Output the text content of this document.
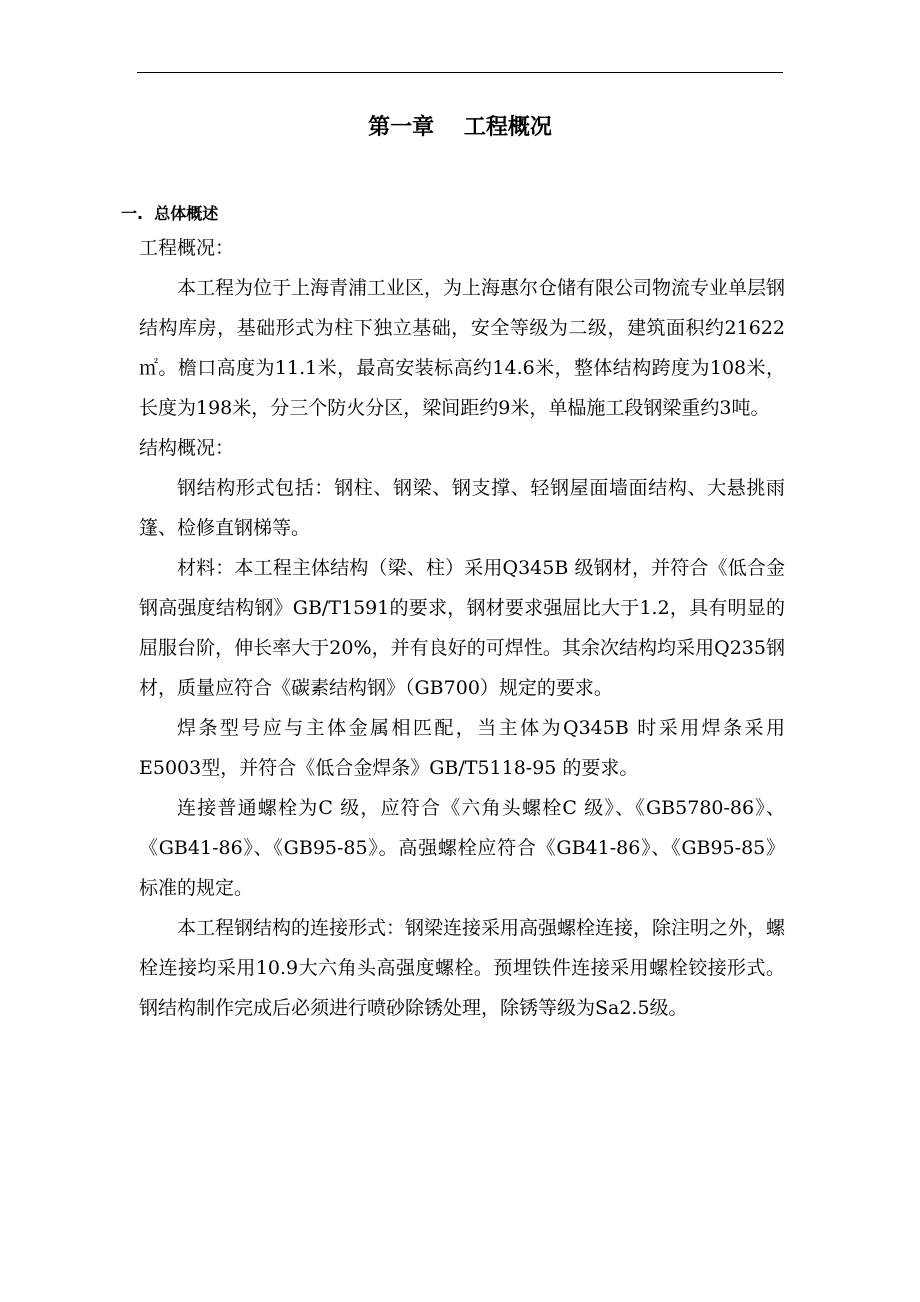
第一章　 工程概况
一.  总体概述

工程概况：

本工程为位于上海青浦工业区，为上海惠尔仓储有限公司物流专业单层钢结构库房，基础形式为柱下独立基础，安全等级为二级，建筑面积约21622㎡。檐口高度为11.1米，最高安装标高约14.6米，整体结构跨度为108米，长度为198米，分三个防火分区，梁间距约9米，单榀施工段钢梁重约3吨。

结构概况：

钢结构形式包括：钢柱、钢梁、钢支撑、轻钢屋面墙面结构、大悬挑雨篷、检修直钢梯等。

材料：本工程主体结构（梁、柱）采用Q345B 级钢材，并符合《低合金钢高强度结构钢》GB/T1591的要求，钢材要求强屈比大于1.2，具有明显的屈服台阶，伸长率大于20%，并有良好的可焊性。其余次结构均采用Q235钢材，质量应符合《碳素结构钢》（GB700）规定的要求。

焊条型号应与主体金属相匹配，当主体为Q345B 时采用焊条采用E5003型，并符合《低合金焊条》GB/T5118-95 的要求。

连接普通螺栓为C 级，应符合《六角头螺栓C 级》、《GB5780-86》、《GB41-86》、《GB95-85》。高强螺栓应符合《GB41-86》、《GB95-85》标准的规定。

本工程钢结构的连接形式：钢梁连接采用高强螺栓连接，除注明之外，螺栓连接均采用10.9大六角头高强度螺栓。预埋铁件连接采用螺栓铰接形式。钢结构制作完成后必须进行喷砂除锈处理，除锈等级为Sa2.5级。
